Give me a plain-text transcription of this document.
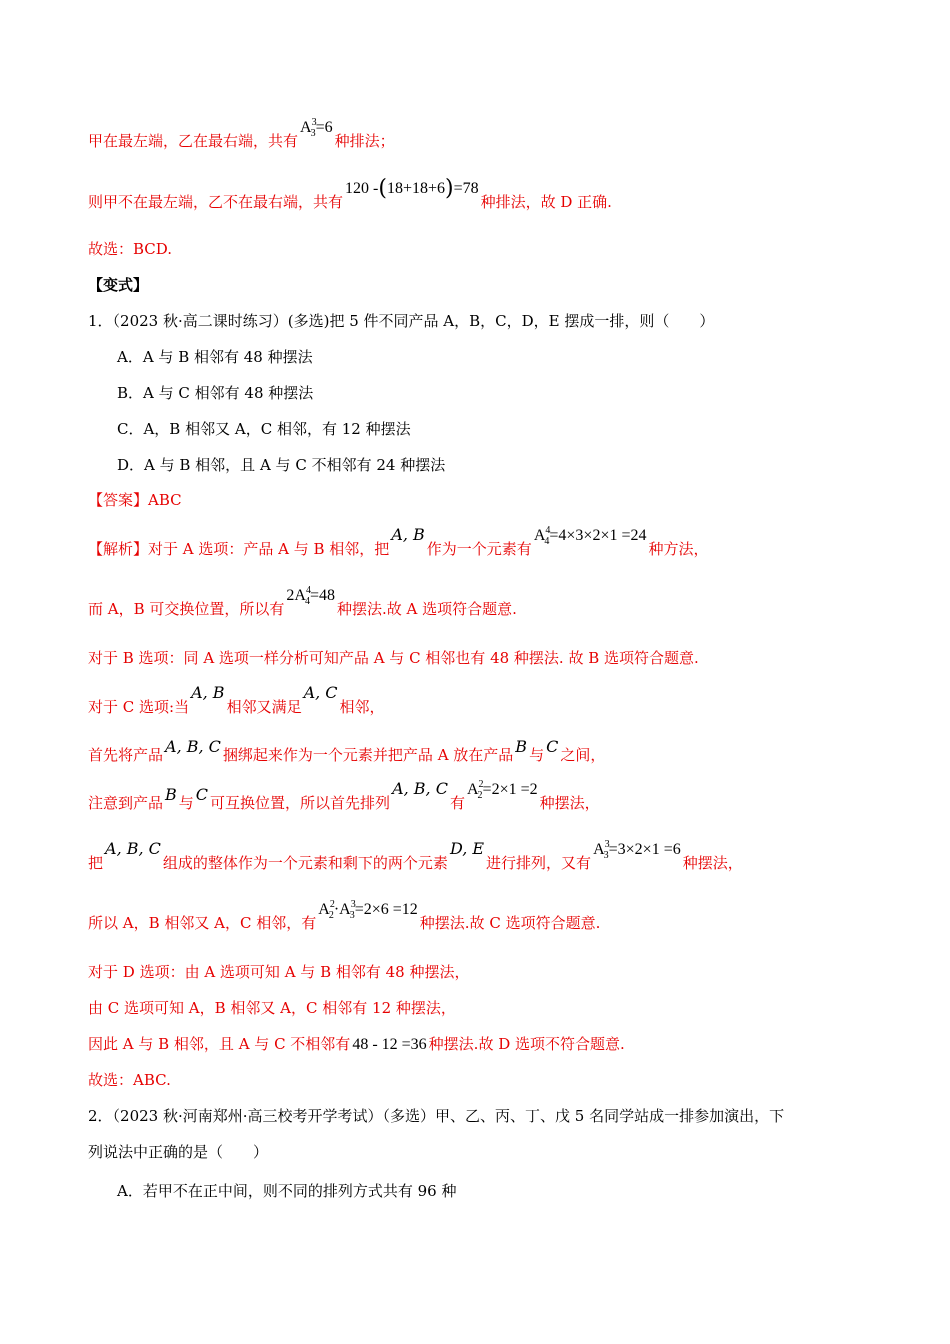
甲在最左端，乙在最右端，共有$A^3_3=6$种排法；
则甲不在最左端，乙不在最右端，共有120 -(18+18+6)=78种排法，故 D 正确.
故选：BCD.
【变式】
1．（2023 秋·高二课时练习）(多选)把 5 件不同产品 A，B，C，D，E 摆成一排，则（　　）
A．A 与 B 相邻有 48 种摆法
B．A 与 C 相邻有 48 种摆法
C．A，B 相邻又 A，C 相邻，有 12 种摆法
D．A 与 B 相邻，且 A 与 C 不相邻有 24 种摆法
【答案】ABC
【解析】对于 A 选项：产品 A 与 B 相邻，把A, B作为一个元素有$A^4_4=4\times 3\times 2\times 1 =24$种方法，
而 A，B 可交换位置，所以有$2A^4_4=48$种摆法.故 A 选项符合题意.
对于 B 选项：同 A 选项一样分析可知产品 A 与 C 相邻也有 48 种摆法. 故 B 选项符合题意.
对于 C 选项:当A, B相邻又满足A, C相邻，
首先将产品 A, B, C 捆绑起来作为一个元素并把产品 A 放在产品 B 与 C 之间，
注意到产品 B 与 C 可互换位置，所以首先排列A, B, C有$A^2_2=2\times 1 =2$种摆法，
把A, B, C组成的整体作为一个元素和剩下的两个元素D, E进行排列，又有$A^3_3=3\times 2\times 1 =6$种摆法，
所以 A，B 相邻又 A，C 相邻，有$A^2_2\cdot A^3_3=2\times 6 =12$种摆法.故 C 选项符合题意.
对于 D 选项：由 A 选项可知 A 与 B 相邻有 48 种摆法，
由 C 选项可知 A，B 相邻又 A，C 相邻有 12 种摆法，
因此 A 与 B 相邻，且 A 与 C 不相邻有 48 - 12 =36 种摆法.故 D 选项不符合题意.
故选：ABC.
2．（2023 秋·河南郑州·高三校考开学考试）（多选）甲、乙、丙、丁、戊 5 名同学站成一排参加演出，下
列说法中正确的是（　　）
A．若甲不在正中间，则不同的排列方式共有 96 种
